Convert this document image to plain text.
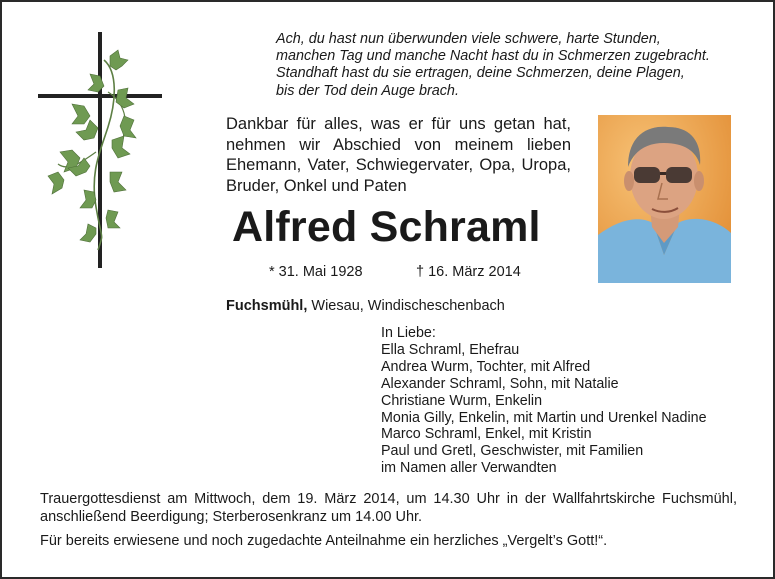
Ach, du hast nun überwunden viele schwere, harte Stunden,
manchen Tag und manche Nacht hast du in Schmerzen zugebracht.
Standhaft hast du sie ertragen, deine Schmerzen, deine Plagen,
bis der Tod dein Auge brach.
Dankbar für alles, was er für uns getan hat, nehmen wir Abschied von meinem lieben Ehemann, Vater, Schwiegervater, Opa, Uropa, Bruder, Onkel und Paten
Alfred Schraml
* 31. Mai 1928	† 16. März 2014
Fuchsmühl, Wiesau, Windischeschenbach
In Liebe:
Ella Schraml, Ehefrau
Andrea Wurm, Tochter, mit Alfred
Alexander Schraml, Sohn, mit Natalie
Christiane Wurm, Enkelin
Monia Gilly, Enkelin, mit Martin und Urenkel Nadine
Marco Schraml, Enkel, mit Kristin
Paul und Gretl, Geschwister, mit Familien
im Namen aller Verwandten
Trauergottesdienst am Mittwoch, dem 19. März 2014, um 14.30 Uhr in der Wallfahrtskirche Fuchsmühl, anschließend Beerdigung; Sterberosenkranz um 14.00 Uhr.
Für bereits erwiesene und noch zugedachte Anteilnahme ein herzliches „Vergelt’s Gott!“.
